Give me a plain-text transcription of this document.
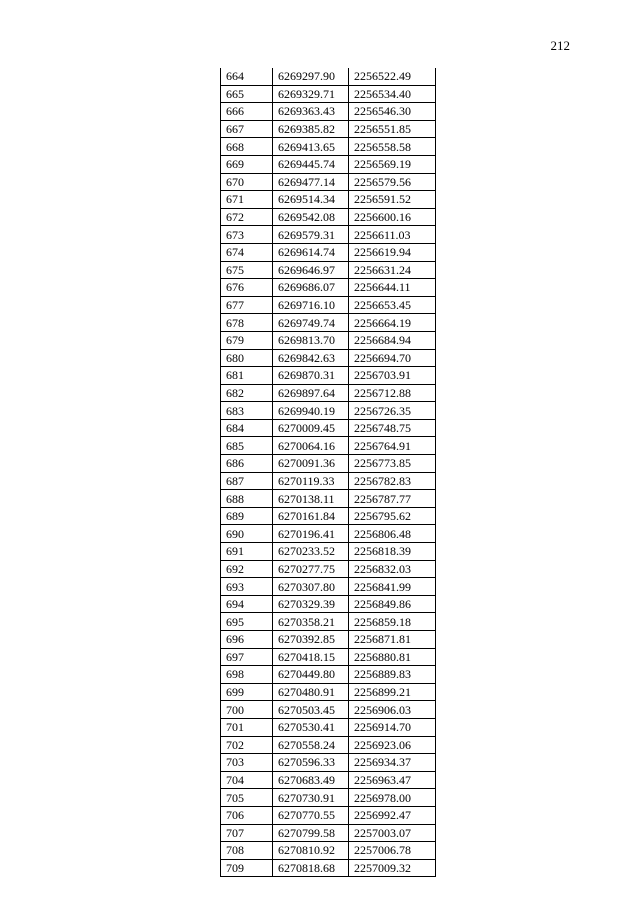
212
664	6269297.90	2256522.49
665	6269329.71	2256534.40
666	6269363.43	2256546.30
667	6269385.82	2256551.85
668	6269413.65	2256558.58
669	6269445.74	2256569.19
670	6269477.14	2256579.56
671	6269514.34	2256591.52
672	6269542.08	2256600.16
673	6269579.31	2256611.03
674	6269614.74	2256619.94
675	6269646.97	2256631.24
676	6269686.07	2256644.11
677	6269716.10	2256653.45
678	6269749.74	2256664.19
679	6269813.70	2256684.94
680	6269842.63	2256694.70
681	6269870.31	2256703.91
682	6269897.64	2256712.88
683	6269940.19	2256726.35
684	6270009.45	2256748.75
685	6270064.16	2256764.91
686	6270091.36	2256773.85
687	6270119.33	2256782.83
688	6270138.11	2256787.77
689	6270161.84	2256795.62
690	6270196.41	2256806.48
691	6270233.52	2256818.39
692	6270277.75	2256832.03
693	6270307.80	2256841.99
694	6270329.39	2256849.86
695	6270358.21	2256859.18
696	6270392.85	2256871.81
697	6270418.15	2256880.81
698	6270449.80	2256889.83
699	6270480.91	2256899.21
700	6270503.45	2256906.03
701	6270530.41	2256914.70
702	6270558.24	2256923.06
703	6270596.33	2256934.37
704	6270683.49	2256963.47
705	6270730.91	2256978.00
706	6270770.55	2256992.47
707	6270799.58	2257003.07
708	6270810.92	2257006.78
709	6270818.68	2257009.32
